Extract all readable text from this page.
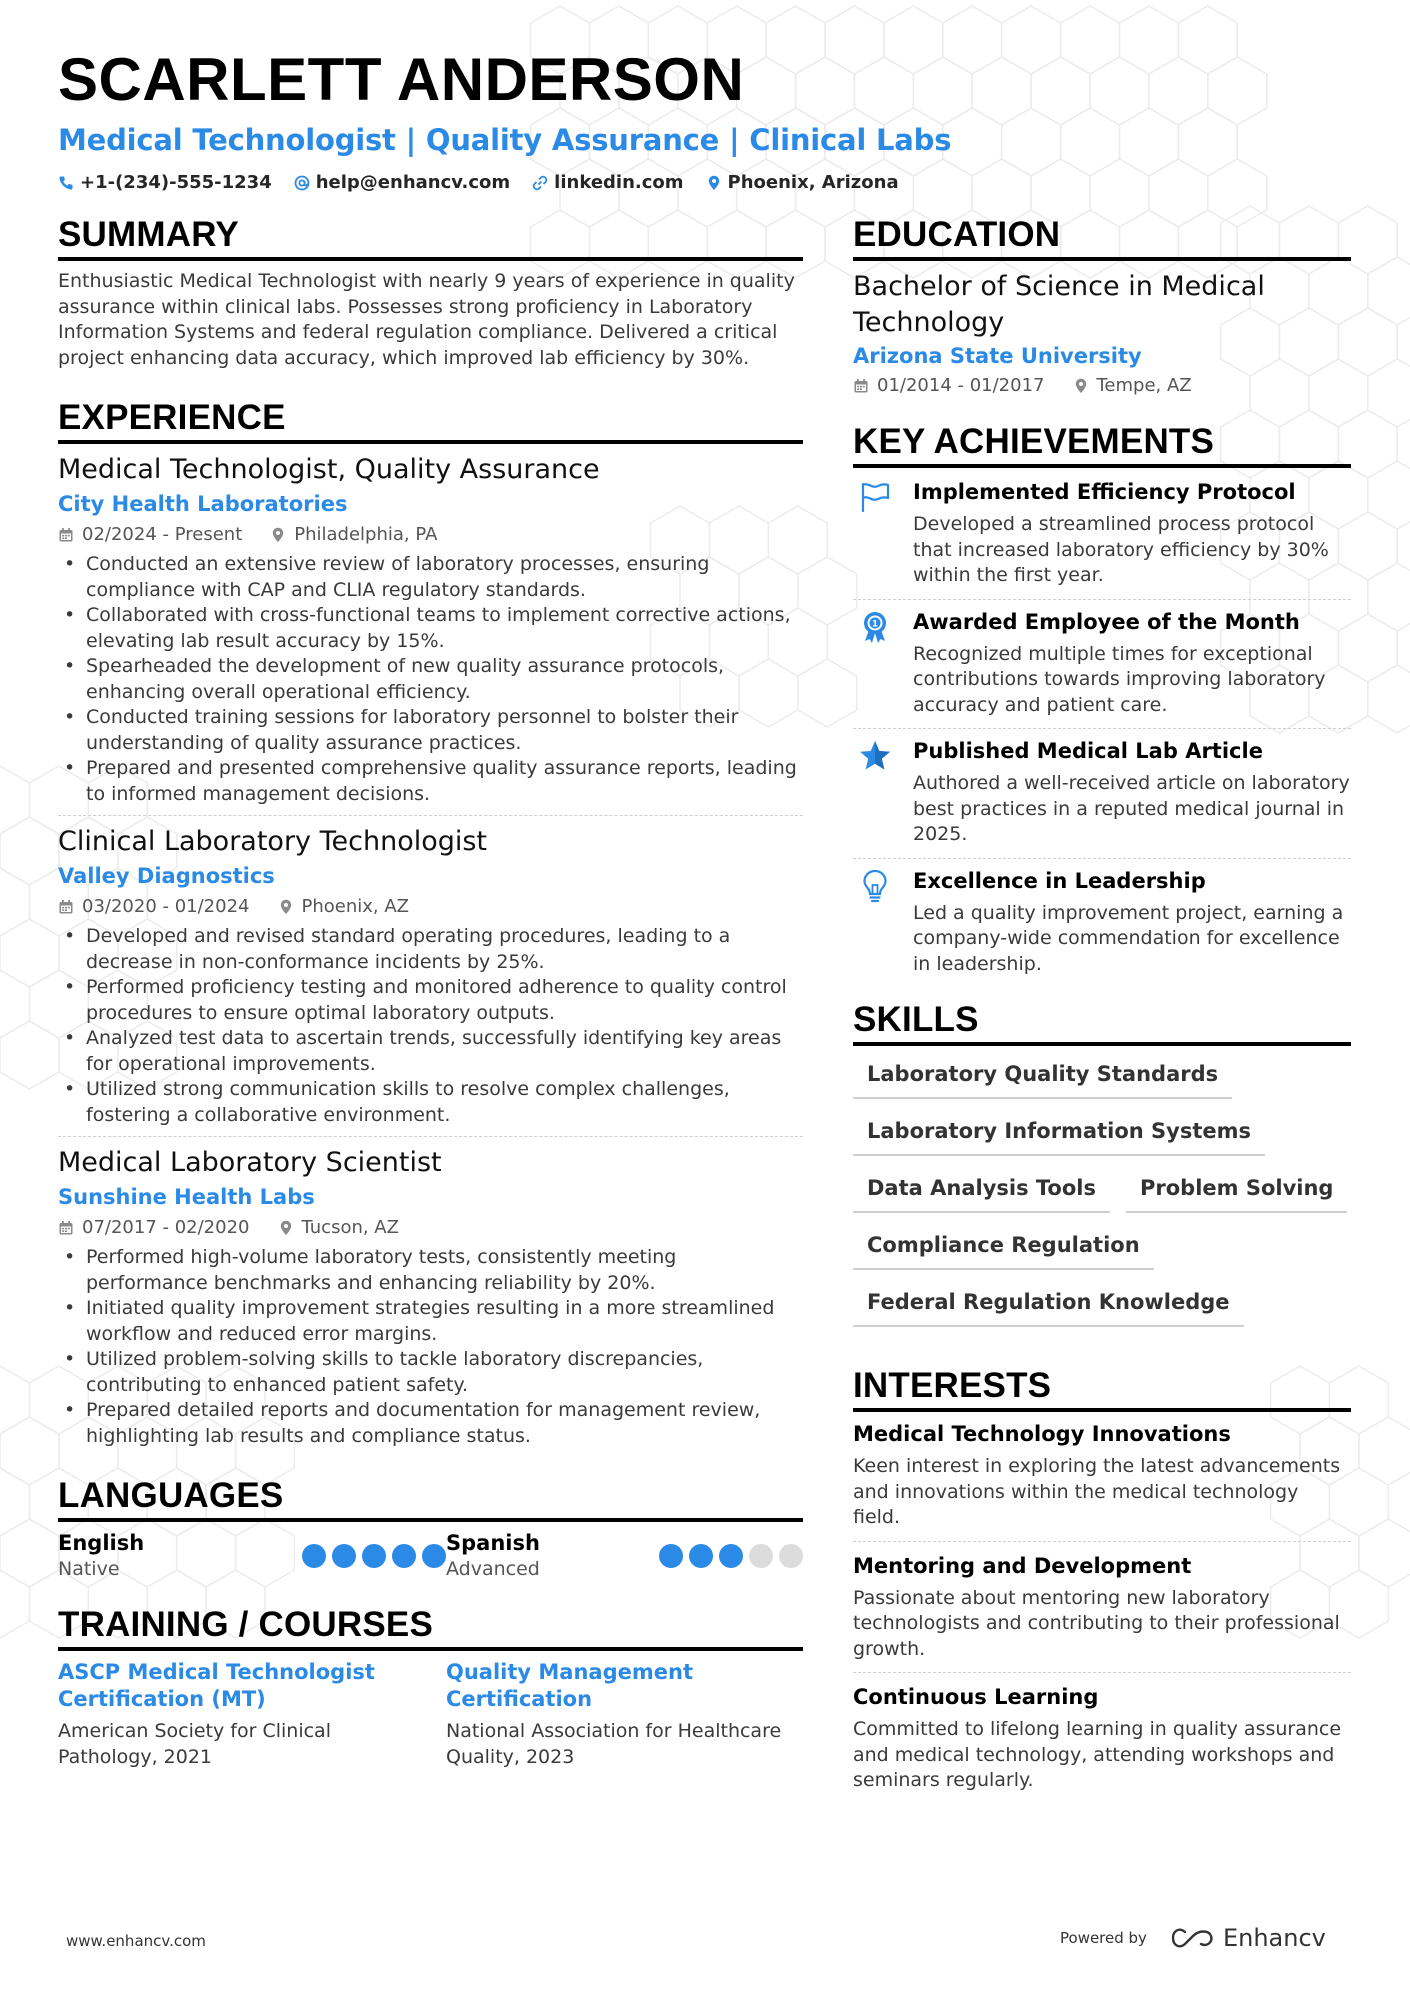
SCARLETT ANDERSON
Medical Technologist | Quality Assurance | Clinical Labs
+1-(234)-555-1234 help@enhancv.com linkedin.com Phoenix, Arizona
SUMMARY
Enthusiastic Medical Technologist with nearly 9 years of experience in quality assurance within clinical labs. Possesses strong proficiency in Laboratory Information Systems and federal regulation compliance. Delivered a critical project enhancing data accuracy, which improved lab efficiency by 30%.
EXPERIENCE
Medical Technologist, Quality Assurance
City Health Laboratories
02/2024 - Present	Philadelphia, PA
• Conducted an extensive review of laboratory processes, ensuring compliance with CAP and CLIA regulatory standards.
• Collaborated with cross-functional teams to implement corrective actions, elevating lab result accuracy by 15%.
• Spearheaded the development of new quality assurance protocols, enhancing overall operational efficiency.
• Conducted training sessions for laboratory personnel to bolster their understanding of quality assurance practices.
• Prepared and presented comprehensive quality assurance reports, leading to informed management decisions.
Clinical Laboratory Technologist
Valley Diagnostics
03/2020 - 01/2024	Phoenix, AZ
• Developed and revised standard operating procedures, leading to a decrease in non-conformance incidents by 25%.
• Performed proficiency testing and monitored adherence to quality control procedures to ensure optimal laboratory outputs.
• Analyzed test data to ascertain trends, successfully identifying key areas for operational improvements.
• Utilized strong communication skills to resolve complex challenges, fostering a collaborative environment.
Medical Laboratory Scientist
Sunshine Health Labs
07/2017 - 02/2020	Tucson, AZ
• Performed high-volume laboratory tests, consistently meeting performance benchmarks and enhancing reliability by 20%.
• Initiated quality improvement strategies resulting in a more streamlined workflow and reduced error margins.
• Utilized problem-solving skills to tackle laboratory discrepancies, contributing to enhanced patient safety.
• Prepared detailed reports and documentation for management review, highlighting lab results and compliance status.
LANGUAGES
English
Native
Spanish
Advanced
TRAINING / COURSES
ASCP Medical Technologist Certification (MT)
American Society for Clinical Pathology, 2021
Quality Management Certification
National Association for Healthcare Quality, 2023
EDUCATION
Bachelor of Science in Medical Technology
Arizona State University
01/2014 - 01/2017	Tempe, AZ
KEY ACHIEVEMENTS
Implemented Efficiency Protocol
Developed a streamlined process protocol that increased laboratory efficiency by 30% within the first year.
1 Awarded Employee of the Month
Recognized multiple times for exceptional contributions towards improving laboratory accuracy and patient care.
Published Medical Lab Article
Authored a well-received article on laboratory best practices in a reputed medical journal in 2025.
Excellence in Leadership
Led a quality improvement project, earning a company-wide commendation for excellence in leadership.
SKILLS
Laboratory Quality Standards
Laboratory Information Systems
Data Analysis Tools	Problem Solving
Compliance Regulation
Federal Regulation Knowledge
INTERESTS
Medical Technology Innovations
Keen interest in exploring the latest advancements and innovations within the medical technology field.
Mentoring and Development
Passionate about mentoring new laboratory technologists and contributing to their professional growth.
Continuous Learning
Committed to lifelong learning in quality assurance and medical technology, attending workshops and seminars regularly.
www.enhancv.com	Powered by	Enhancv
